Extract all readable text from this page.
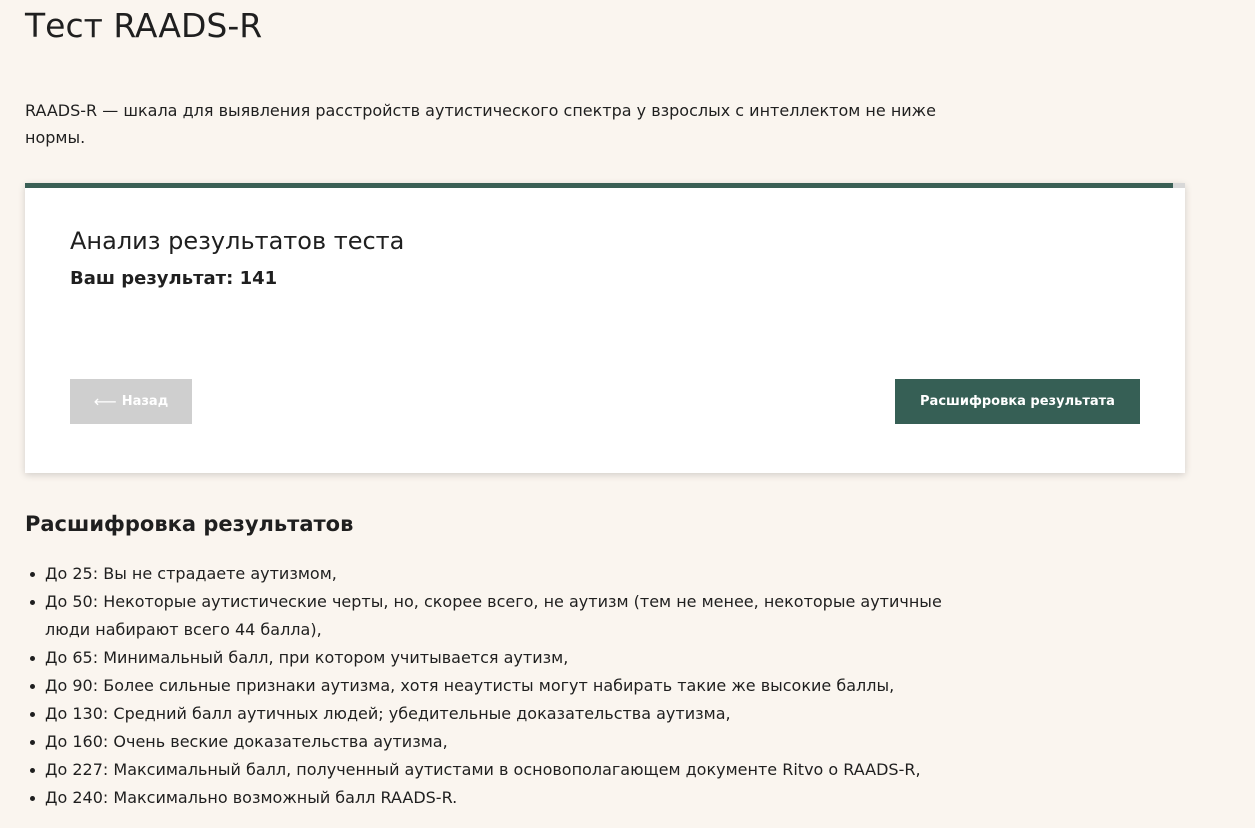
Тест RAADS-R

RAADS-R — шкала для выявления расстройств аутистического спектра у взрослых с интеллектом не ниже нормы.

Анализ результатов теста

Ваш результат: 141

⟵ Назад	Расшифровка результата
Расшифровка результатов
До 25: Вы не страдаете аутизмом,
До 50: Некоторые аутистические черты, но, скорее всего, не аутизм (тем не менее, некоторые аутичные люди набирают всего 44 балла),
До 65: Минимальный балл, при котором учитывается аутизм,
До 90: Более сильные признаки аутизма, хотя неаутисты могут набирать такие же высокие баллы,
До 130: Средний балл аутичных людей; убедительные доказательства аутизма,
До 160: Очень веские доказательства аутизма,
До 227: Максимальный балл, полученный аутистами в основополагающем документе Ritvo о RAADS-R,
До 240: Максимально возможный балл RAADS-R.
